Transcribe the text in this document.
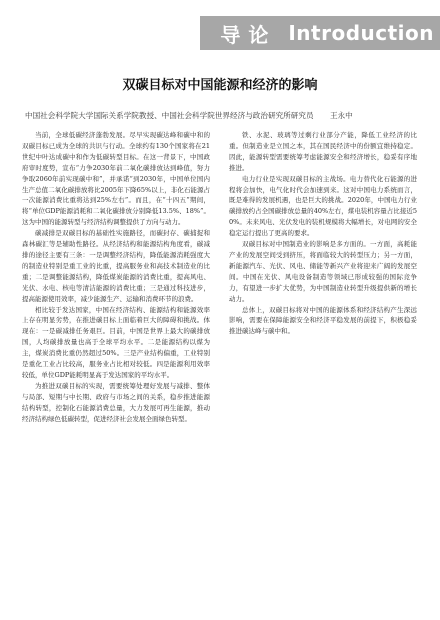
导 论
Introduction
双碳目标对中国能源和经济的影响
中国社会科学院大学国际关系学院教授、中国社会科学院世界经济与政治研究所研究员 王永中

当前，全球低碳经济蓬勃发展。尽早实现碳达峰和碳中和的双碳目标已成为全球的共识与行动。全球约有130个国家将在21世纪中叶达成碳中和作为低碳转型目标。在这一背景下，中国政府审时度势，宣布“力争2030年前二氧化碳排放达到峰值，努力争取2060年前实现碳中和”，并承诺“到2030年，中国单位国内生产总值二氧化碳排放将比2005年下降65%以上，非化石能源占一次能源消费比重将达到25%左右”。而且，在“十四五”期间，将“单位GDP能源消耗和二氧化碳排放分别降低13.5%、18%”。这为中国的能源转型与经济结构调整提供了方向与动力。

碳减排是双碳目标的基础性实施路径，而碳封存、碳捕捉和森林碳汇等是辅助性路径。从经济结构和能源结构角度看，碳减排的途径主要有三条：一是调整经济结构，降低能源消耗强度大的制造业特别是重工业的比重，提高服务业和高技术制造业的比重；二是调整能源结构，降低煤炭能源的消费比重，提高风电、光伏、水电、核电等清洁能源的消费比重；三是通过科技进步，提高能源使用效率，减少能源生产、运输和消费环节的浪费。

相比较于发达国家，中国在经济结构、能源结构和能源效率上存在明显劣势，在推进碳目标上面临着巨大的障碍和挑战。体现在：一是碳减排任务艰巨。目前，中国是世界上最大的碳排放国，人均碳排放量也高于全球平均水平。二是能源结构以煤为主，煤炭消费比重仍然超过50%。三是产业结构偏重，工业特别是重化工业占比较高，服务业占比相对较低。四是能源利用效率较低，单位GDP能耗明显高于发达国家的平均水平。

为推进双碳目标的实现，需要统筹处理好发展与减排、整体与局部、短期与中长期、政府与市场之间的关系，稳步推进能源结构转型，控制化石能源消费总量，大力发展可再生能源，推动经济结构绿色低碳转型，促进经济社会发展全面绿色转型。

铁、水泥、玻璃等过剩行业部分产能，降低工业经济的比重。但制造业是立国之本，其在国民经济中的份额宜维持稳定。因此，能源转型需要统筹考虑能源安全和经济增长，稳妥有序地推进。

电力行业是实现双碳目标的主战场。电力替代化石能源的进程将会加快，电气化时代会加速到来。这对中国电力系统而言，既是难得的发展机遇，也是巨大的挑战。2020年，中国电力行业碳排放约占全国碳排放总量的40%左右，煤电装机容量占比接近50%。未来风电、光伏发电的装机规模将大幅增长，对电网的安全稳定运行提出了更高的要求。

双碳目标对中国制造业的影响是多方面的。一方面，高耗能产业的发展空间受到挤压，将面临较大的转型压力；另一方面，新能源汽车、光伏、风电、储能等新兴产业将迎来广阔的发展空间。中国在光伏、风电设备制造等领域已形成较强的国际竞争力，有望进一步扩大优势，为中国制造业转型升级提供新的增长动力。

总体上，双碳目标将对中国的能源体系和经济结构产生深远影响，需要在保障能源安全和经济平稳发展的前提下，积极稳妥推进碳达峰与碳中和。
